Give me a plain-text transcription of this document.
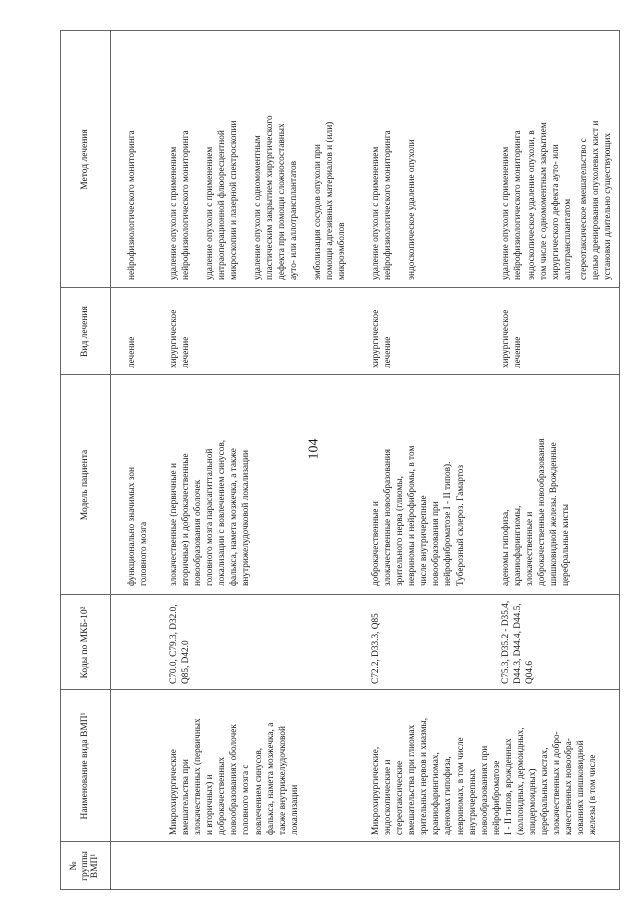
104
№
группы
ВМП¹
Наименование вида ВМП¹
Коды по МКБ-10²
Модель пациента
Вид лечения
Метод лечения
функционально значимых зон
головного мозга
лечение
нейрофизиологического мониторинга
Микрохирургические
вмешательства при
злокачественных (первичных
и вторичных) и
доброкачественных
новообразованиях оболочек
головного мозга с
вовлечением синусов,
фалькса, намета мозжечка, а
также внутрижелудочковой
локализации
C70.0, C79.3, D32.0,
Q85, D42.0
злокачественные (первичные и
вторичные) и доброкачественные
новообразования оболочек
головного мозга парасагиттальной
локализации с вовлечением синусов,
фалькса, намета мозжечка, а также
внутрижелудочковой локализации
хирургическое
лечение
удаление опухоли с применением
нейрофизиологического мониторинга
удаление опухоли с применением
интраоперационной флюоресцентной
микроскопии и лазерной спектроскопии
удаление опухоли с одномоментным
пластическим закрытием хирургического
дефекта при помощи сложносоставных
ауто- или аллотрансплантатов
эмболизация сосудов опухоли при
помощи адгезивных материалов и (или)
микроэмболов
Микрохирургические,
эндоскопические и
стереотаксические
вмешательства при глиомах
зрительных нервов и хиазмы,
краниофарингиомах,
аденомах гипофиза,
невриномах, в том числе
внутричерепных
новообразованиях при
нейрофиброматозе
I - II типов, врожденных
(коллоидных, дермоидных,
эпидермоидных)
церебральных кистах,
злокачественных и добро-
качественных новообра-
зованиях шишковидной
железы (в том числе
C72.2, D33.3, Q85
доброкачественные и
злокачественные новообразования
зрительного нерва (глиомы,
невриномы и нейрофибромы, в том
числе внутричерепные
новообразования при
нейрофиброматозе I - II типов).
Туберозный склероз. Гамартоз
хирургическое
лечение
удаление опухоли с применением
нейрофизиологического мониторинга эндоскопическое удаление опухоли
C75.3, D35.2 - D35.4,
D44.3, D44.4, D44.5,
Q04.6
аденомы гипофиза,
краниофарингиомы,
злокачественные и
доброкачественные новообразования
шишковидной железы. Врожденные
церебральные кисты
хирургическое
лечение
удаление опухоли с применением
нейрофизиологического мониторинга
эндоскопическое удаление опухоли, в
том числе с одномоментным закрытием
хирургического дефекта ауто- или
аллотрансплантатом стереотаксическое вмешательство с
целью дренирования опухолевых кист и
установки длительно существующих
